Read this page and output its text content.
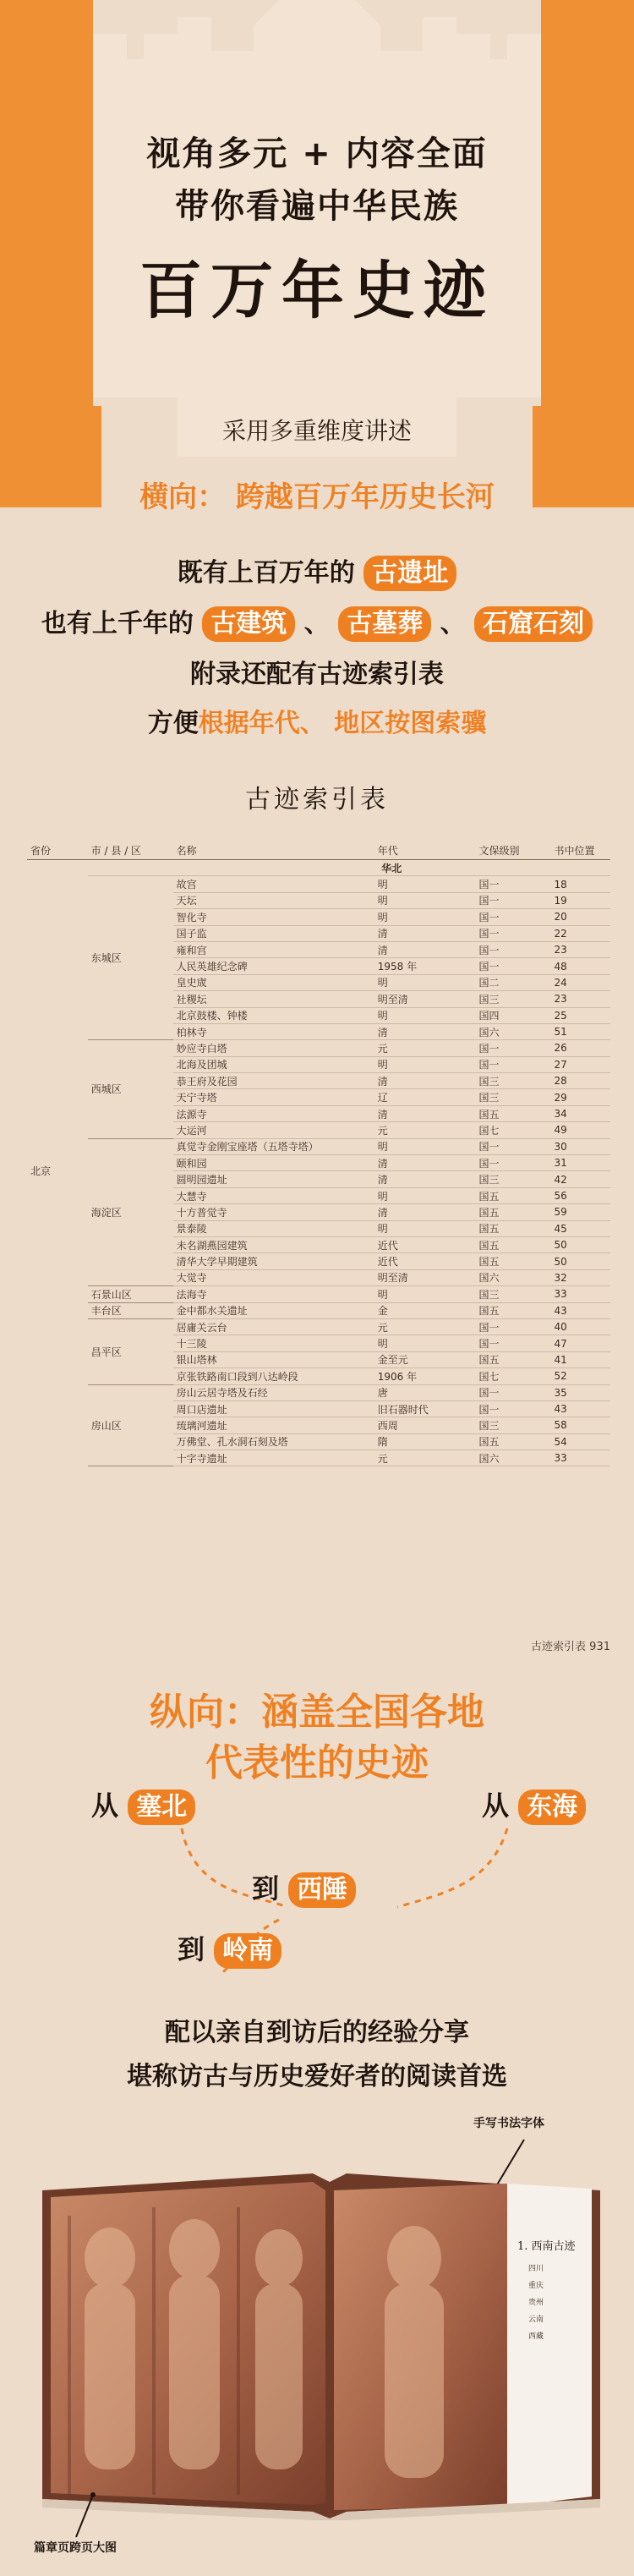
视角多元 + 内容全面
带你看遍中华民族
百万年史迹
采用多重维度讲述
横向： 跨越百万年历史长河
既有上百万年的 古遗址
也有上千年的 古建筑 、 古墓葬 、 石窟石刻
附录还配有古迹索引表
方便根据年代、 地区按图索骥
古迹索引表
省份	市 / 县 / 区	名称	年代	文保级别	书中位置
		华北			
北京	东城区	故宫	明	国一	18
		天坛	明	国一	19
		智化寺	明	国一	20
		国子监	清	国一	22
		雍和宫	清	国一	23
		人民英雄纪念碑	1958 年	国一	48
		皇史宬	明	国二	24
		社稷坛	明至清	国三	23
		北京鼓楼、钟楼	明	国四	25
		柏林寺	清	国六	51
	西城区	妙应寺白塔	元	国一	26
		北海及团城	明	国一	27
		恭王府及花园	清	国三	28
		天宁寺塔	辽	国三	29
		法源寺	清	国五	34
		大运河	元	国七	49
	海淀区	真觉寺金刚宝座塔（五塔寺塔）	明	国一	30
		颐和园	清	国一	31
		圆明园遗址	清	国三	42
		大慧寺	明	国五	56
		十方普觉寺	清	国五	59
		景泰陵	明	国五	45
		未名湖燕园建筑	近代	国五	50
		清华大学早期建筑	近代	国五	50
		大觉寺	明至清	国六	32
	石景山区	法海寺	明	国三	33
	丰台区	金中都水关遗址	金	国五	43
	昌平区	居庸关云台	元	国一	40
		十三陵	明	国一	47
		银山塔林	金至元	国五	41
		京张铁路南口段到八达岭段	1906 年	国七	52
	房山区	房山云居寺塔及石经	唐	国一	35
		周口店遗址	旧石器时代	国一	43
		琉璃河遗址	西周	国三	58
		万佛堂、孔水洞石刻及塔	隋	国五	54
		十字寺遗址	元	国六	33
古迹索引表 931
纵向：涵盖全国各地
代表性的史迹
从 塞北	从 东海
到 西陲
到 岭南
配以亲自到访后的经验分享
堪称访古与历史爱好者的阅读首选
手写书法字体
1. 西南古迹
四川
重庆
贵州
云南
西藏
篇章页跨页大图
